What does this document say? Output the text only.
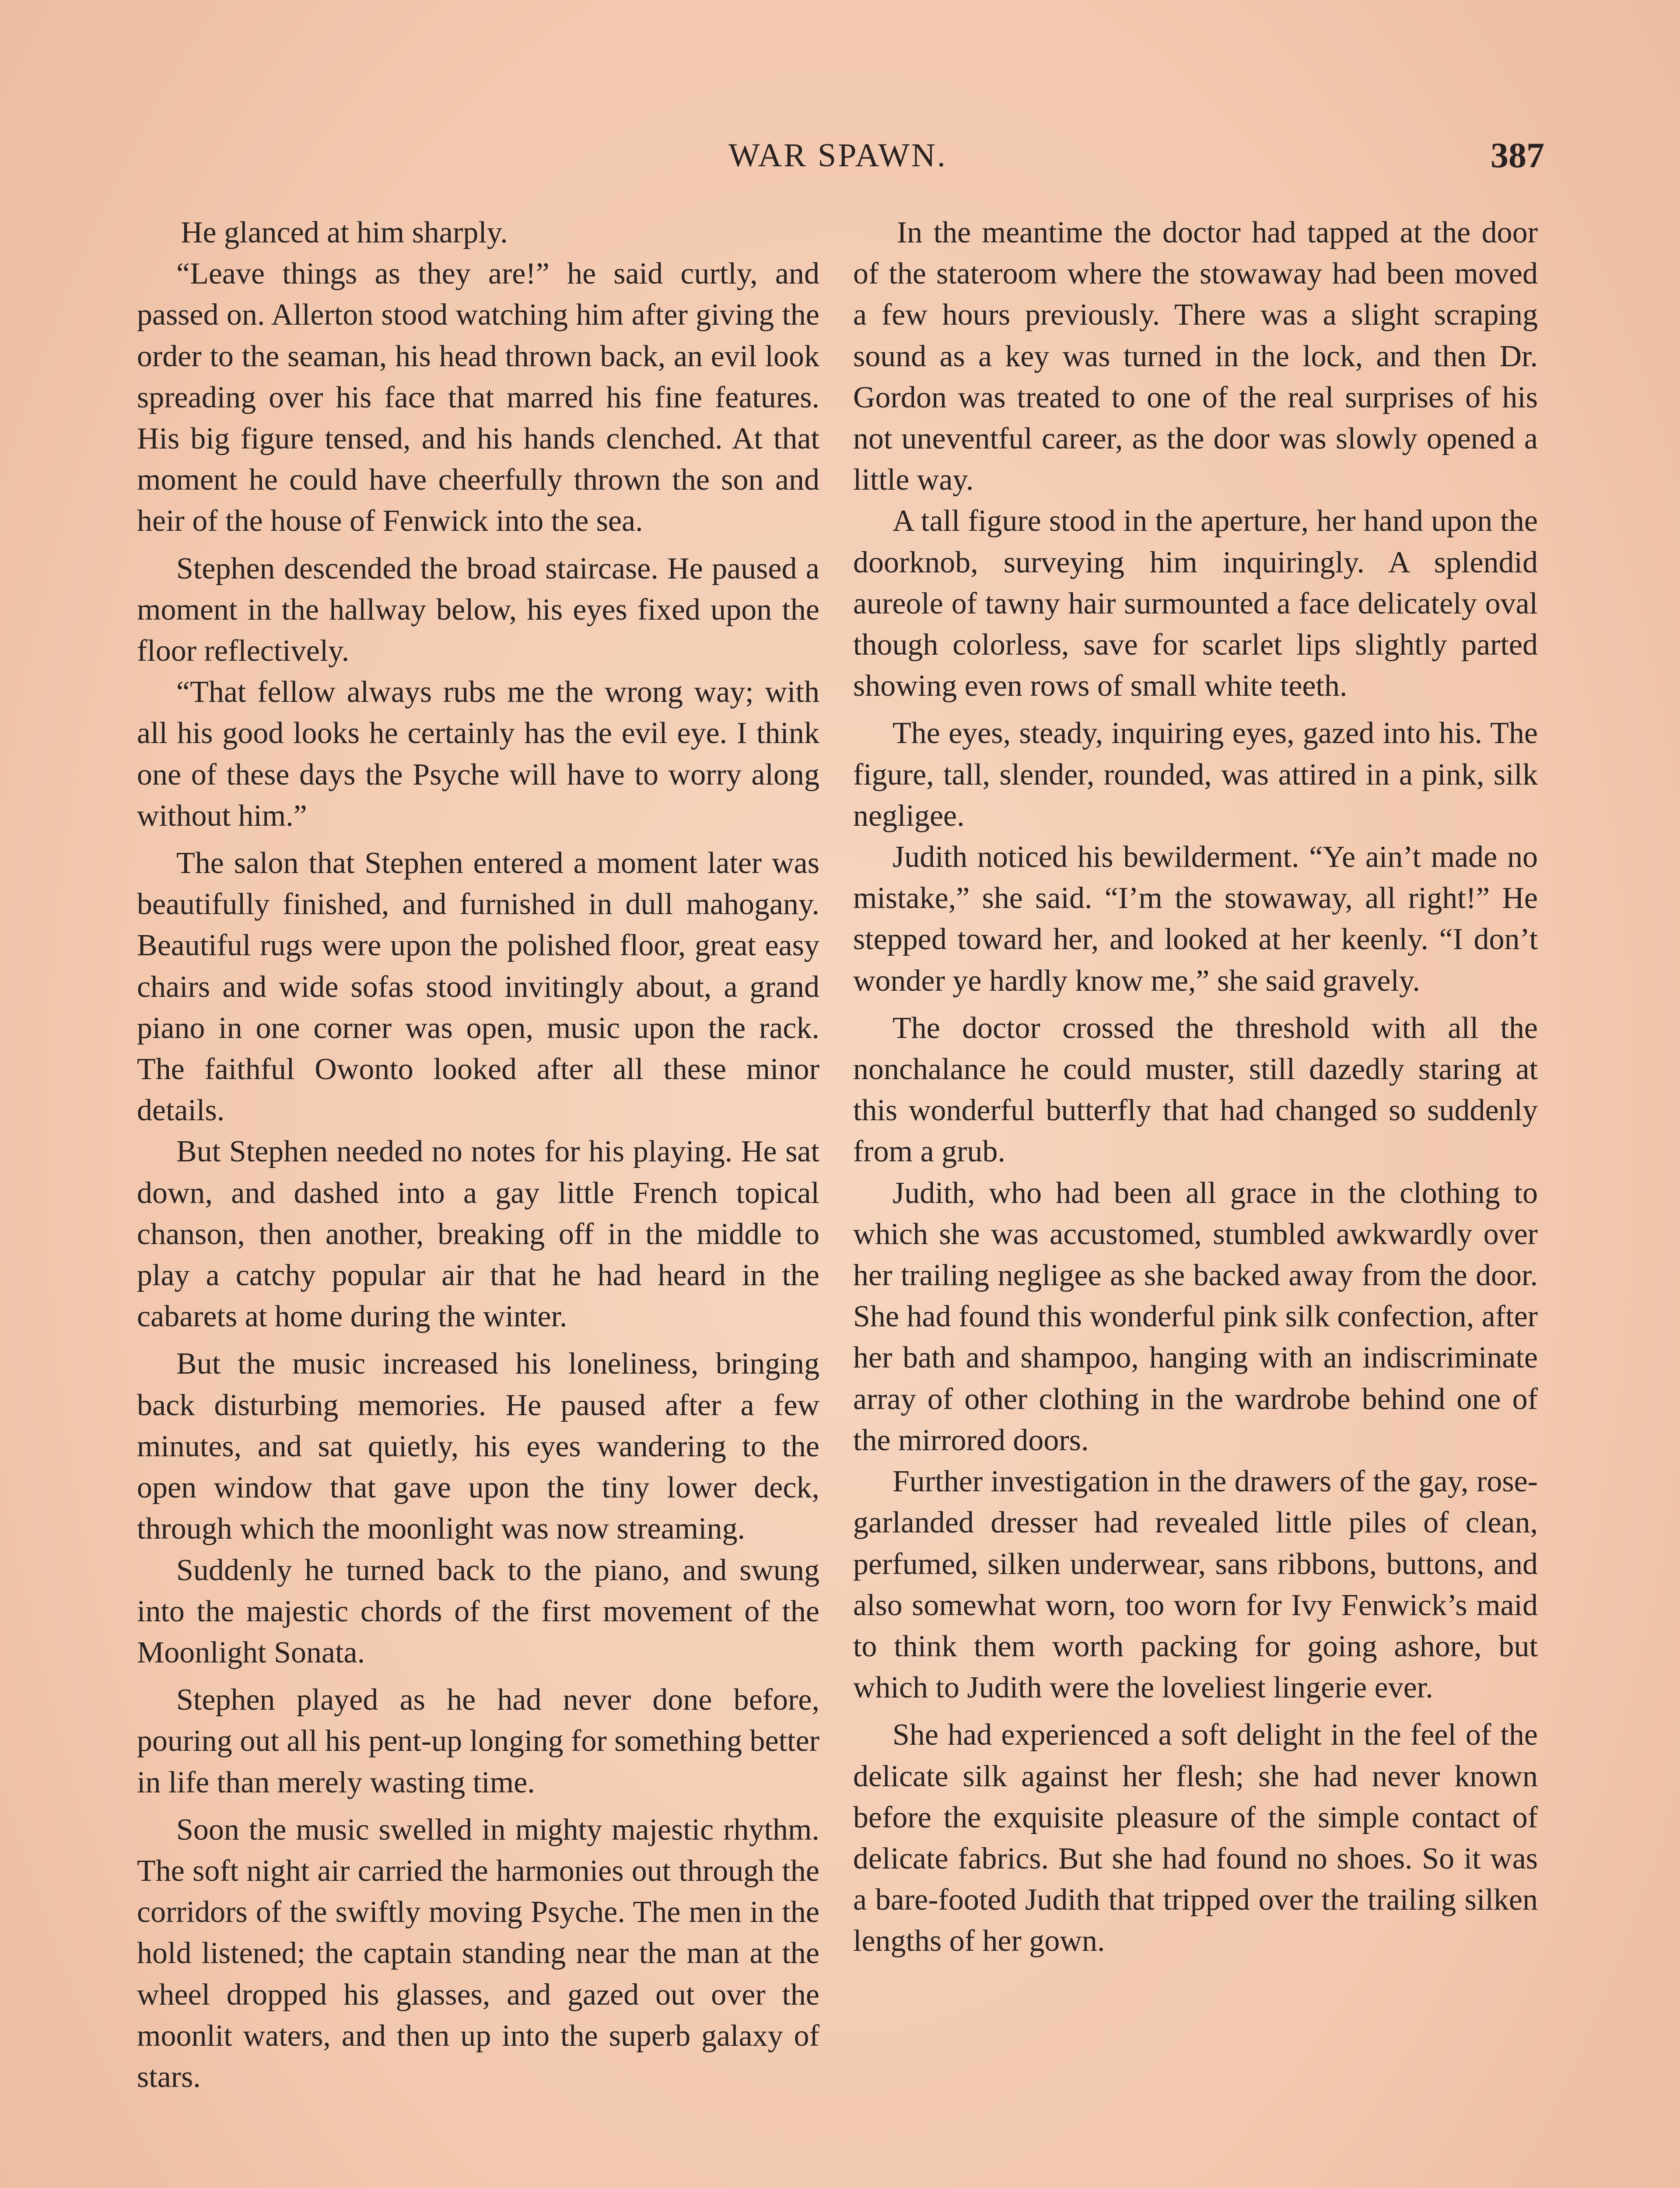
WAR SPAWN.	387

He glanced at him sharply.

“Leave things as they are!” he said curtly, and passed on. Allerton stood watching him after giving the order to the seaman, his head thrown back, an evil look spreading over his face that marred his fine features. His big figure tensed, and his hands clenched. At that moment he could have cheerfully thrown the son and heir of the house of Fenwick into the sea.

Stephen descended the broad staircase. He paused a moment in the hallway below, his eyes fixed upon the floor reflectively.

“That fellow always rubs me the wrong way; with all his good looks he certainly has the evil eye. I think one of these days the Psyche will have to worry along without him.”

The salon that Stephen entered a moment later was beautifully finished, and furnished in dull mahogany. Beautiful rugs were upon the polished floor, great easy chairs and wide sofas stood invitingly about, a grand piano in one corner was open, music upon the rack. The faithful Owonto looked after all these minor details.

But Stephen needed no notes for his playing. He sat down, and dashed into a gay little French topical chanson, then another, breaking off in the middle to play a catchy popular air that he had heard in the cabarets at home during the winter.

But the music increased his loneliness, bringing back disturbing memories. He paused after a few minutes, and sat quietly, his eyes wandering to the open window that gave upon the tiny lower deck, through which the moonlight was now streaming.

Suddenly he turned back to the piano, and swung into the majestic chords of the first movement of the Moonlight Sonata.

Stephen played as he had never done before, pouring out all his pent-up longing for something better in life than merely wasting time.

Soon the music swelled in mighty majestic rhythm. The soft night air carried the harmonies out through the corridors of the swiftly moving Psyche. The men in the hold listened; the captain standing near the man at the wheel dropped his glasses, and gazed out over the moonlit waters, and then up into the superb galaxy of stars.

In the meantime the doctor had tapped at the door of the stateroom where the stowaway had been moved a few hours previously. There was a slight scraping sound as a key was turned in the lock, and then Dr. Gordon was treated to one of the real surprises of his not uneventful career, as the door was slowly opened a little way.

A tall figure stood in the aperture, her hand upon the doorknob, surveying him inquiringly. A splendid aureole of tawny hair surmounted a face delicately oval though colorless, save for scarlet lips slightly parted showing even rows of small white teeth.

The eyes, steady, inquiring eyes, gazed into his. The figure, tall, slender, rounded, was attired in a pink, silk negligee.

Judith noticed his bewilderment. “Ye ain’t made no mistake,” she said. “I’m the stowaway, all right!” He stepped toward her, and looked at her keenly. “I don’t wonder ye hardly know me,” she said gravely.

The doctor crossed the threshold with all the nonchalance he could muster, still dazedly staring at this wonderful butterfly that had changed so suddenly from a grub.

Judith, who had been all grace in the clothing to which she was accustomed, stumbled awkwardly over her trailing negligee as she backed away from the door. She had found this wonderful pink silk confection, after her bath and shampoo, hanging with an indiscriminate array of other clothing in the wardrobe behind one of the mirrored doors.

Further investigation in the drawers of the gay, rose-garlanded dresser had revealed little piles of clean, perfumed, silken underwear, sans ribbons, buttons, and also somewhat worn, too worn for Ivy Fenwick’s maid to think them worth packing for going ashore, but which to Judith were the loveliest lingerie ever.

She had experienced a soft delight in the feel of the delicate silk against her flesh; she had never known before the exquisite pleasure of the simple contact of delicate fabrics. But she had found no shoes. So it was a bare-footed Judith that tripped over the trailing silken lengths of her gown.
